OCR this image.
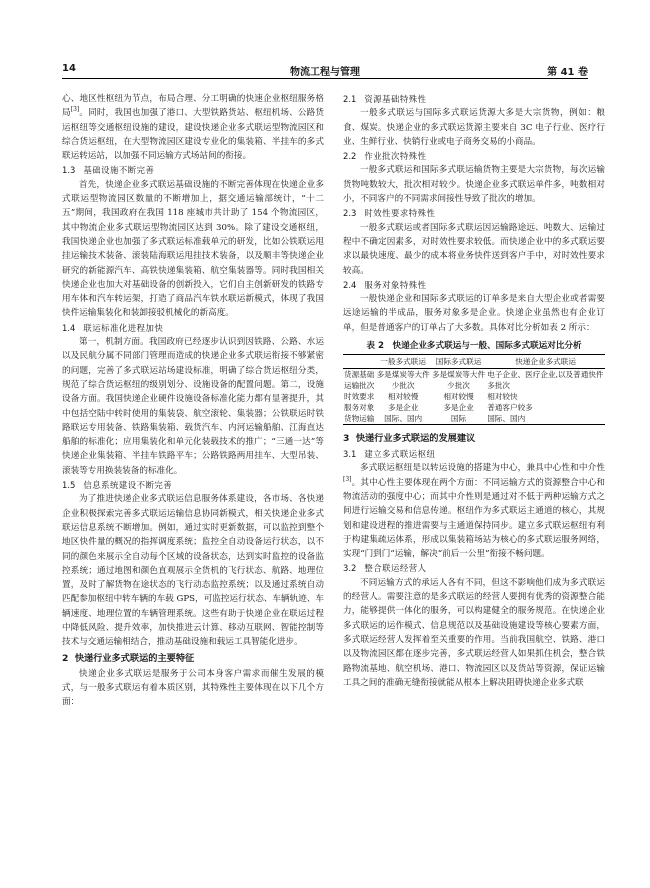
14	物流工程与管理	第 41 卷

心、地区性枢纽为节点，布局合理、分工明确的快速企业枢纽服务格局[3]。同时，我国也加强了港口、大型铁路货站、枢纽机场、公路货运枢纽等交通枢纽设施的建设，建设快递企业多式联运型物流园区和综合货运枢纽，在大型物流园区建设专业化的集装箱、半挂车的多式联运转运站，以加强不同运输方式场站间的衔接。

1.3 基础设施不断完善

首先，快递企业多式联运基础设施的不断完善体现在快递企业多式联运型物流园区数量的不断增加上，据交通运输部统计，“十二五”期间，我国政府在我国 118 座城市共计助了 154 个物流园区，其中物流企业多式联运型物流园区达到 30%。除了建设交通枢纽，我国快递企业也加强了多式联运标准载单元的研发，比如公铁联运甩挂运输技术装备、滚装陆海联运甩挂技术装备，以及顺丰等快递企业研究的新能源汽车、高铁快递集装箱、航空集装器等。同时我国相关快递企业也加大对基础设备的创新投入，它们自主创新研发的铁路专用车体和汽车转运架，打造了商品汽车铁水联运新模式，体现了我国快件运输集装化和装卸接驳机械化的新高度。

1.4 联运标准化进程加快

第一，机制方面。我国政府已经逐步认识到因铁路、公路、水运以及民航分属不同部门管理而造成的快递企业多式联运衔接不够紧密的问题，完善了多式联运站场建设标准，明确了综合货运枢纽分类，规范了综合货运枢纽的级别划分、设施设备的配置问题。第二，设施设备方面。我国快递企业硬件设施设备标准化能力都有显著提升，其中包括空陆中转时使用的集装袋、航空滚轮、集装器；公铁联运时铁路联运专用装备、铁路集装箱、载货汽车、内河运输船舶、江海直达船舶的标准化；应用集装化和单元化装载技术的推广；“三通一达”等快递企业集装箱、半挂车铁路平车；公路铁路两用挂车、大型吊装、滚装等专用换装装备的标准化。

1.5 信息系统建设不断完善

为了推进快递企业多式联运信息服务体系建设，各市场、各快递企业积极探索完善多式联运运输信息协同新模式，相关快递企业多式联运信息系统不断增加。例如，通过实时更新数据，可以监控到整个地区快件量的概况的指挥调度系统；监控全自动设备运行状态，以不同的颜色来展示全自动每个区域的设备状态，达到实时监控的设备监控系统；通过地图和颜色直观展示全货机的飞行状态、航路、地理位置，及时了解货物在途状态的飞行动态监控系统；以及通过系统自动匹配参加枢纽中转车辆的车载 GPS，可监控运行状态、车辆轨迹、车辆速度、地理位置的车辆管理系统。这些有助于快递企业在联运过程中降低风险、提升效率，加快推进云计算、移动互联网、智能控制等技术与交通运输相结合，推动基础设施和载运工具智能化进步。

2 快递行业多式联运的主要特征

快递企业多式联运是服务于公司本身客户需求而催生发展的模式，与一般多式联运有着本质区别，其特殊性主要体现在以下几个方面：

2.1 资源基础特殊性

一般多式联运与国际多式联运货源大多是大宗货物，例如：粮食、煤炭。快递企业的多式联运货源主要来自 3C 电子行业、医疗行业、生鲜行业、快销行业或电子商务交易的小商品。

2.2 作业批次特殊性

一般多式联运和国际多式联运输货物主要是大宗货物，每次运输货物吨数较大，批次相对较少。快递企业多式联运单件多，吨数相对小，不同客户的不同需求间接性导致了批次的增加。

2.3 时效性要求特殊性

一般多式联运或者国际多式联运因运输路途远、吨数大、运输过程中不确定因素多，对时效性要求较低。而快递企业中的多式联运要求以最快速度、最少的成本将业务快件送到客户手中，对时效性要求较高。

2.4 服务对象特殊性

一般快递企业和国际多式联运的订单多是来自大型企业或者需要远途运输的半成品，服务对象多是企业。快递企业虽然也有企业订单，但是普通客户的订单占了大多数。具体对比分析如表 2 所示：

表 2　快递企业多式联运与一般、国际多式联运对比分析
	一般多式联运	国际多式联运	快递企业多式联运
货源基础	多是煤炭等大件	多是煤炭等大件	电子企业、医疗企业,以及普通快件
运输批次	少批次	少批次	多批次
时效要求	相对较慢	相对较慢	相对较快
服务对象	多是企业	多是企业	普通客户较多
货物运输	国际、国内	国际	国际、国内
3 快递行业多式联运的发展建议
3.1 建立多式联运枢纽

多式联运枢纽是以转运设施的搭建为中心，兼具中心性和中介性[3]。其中心性主要体现在两个方面：不同运输方式的资源整合中心和物流活动的强度中心；而其中介性则是通过对不低于两种运输方式之间进行运输交易和信息传递。枢纽作为多式联运主通道的核心，其规划和建设进程的推进需要与主通道保持同步。建立多式联运枢纽有利于构建集疏运体系，形成以集装箱场站为核心的多式联运服务网络，实现“门到门”运输，解决“前后一公里”衔接不畅问题。

3.2 整合联运经营人

不同运输方式的承运人各有不同，但这不影响他们成为多式联运的经营人。需要注意的是多式联运的经营人要拥有优秀的资源整合能力，能够提供一体化的服务，可以构建健全的服务规范。在快递企业多式联运的运作模式、信息规范以及基础设施建设等核心要素方面，多式联运经营人发挥着至关重要的作用。当前我国航空、铁路、港口以及物流园区都在逐步完善，多式联运经营人如果抓住机会，整合铁路物流基地、航空机场、港口、物流园区以及货站等资源，保证运输工具之间的准确无缝衔接就能从根本上解决阻碍快递企业多式联
